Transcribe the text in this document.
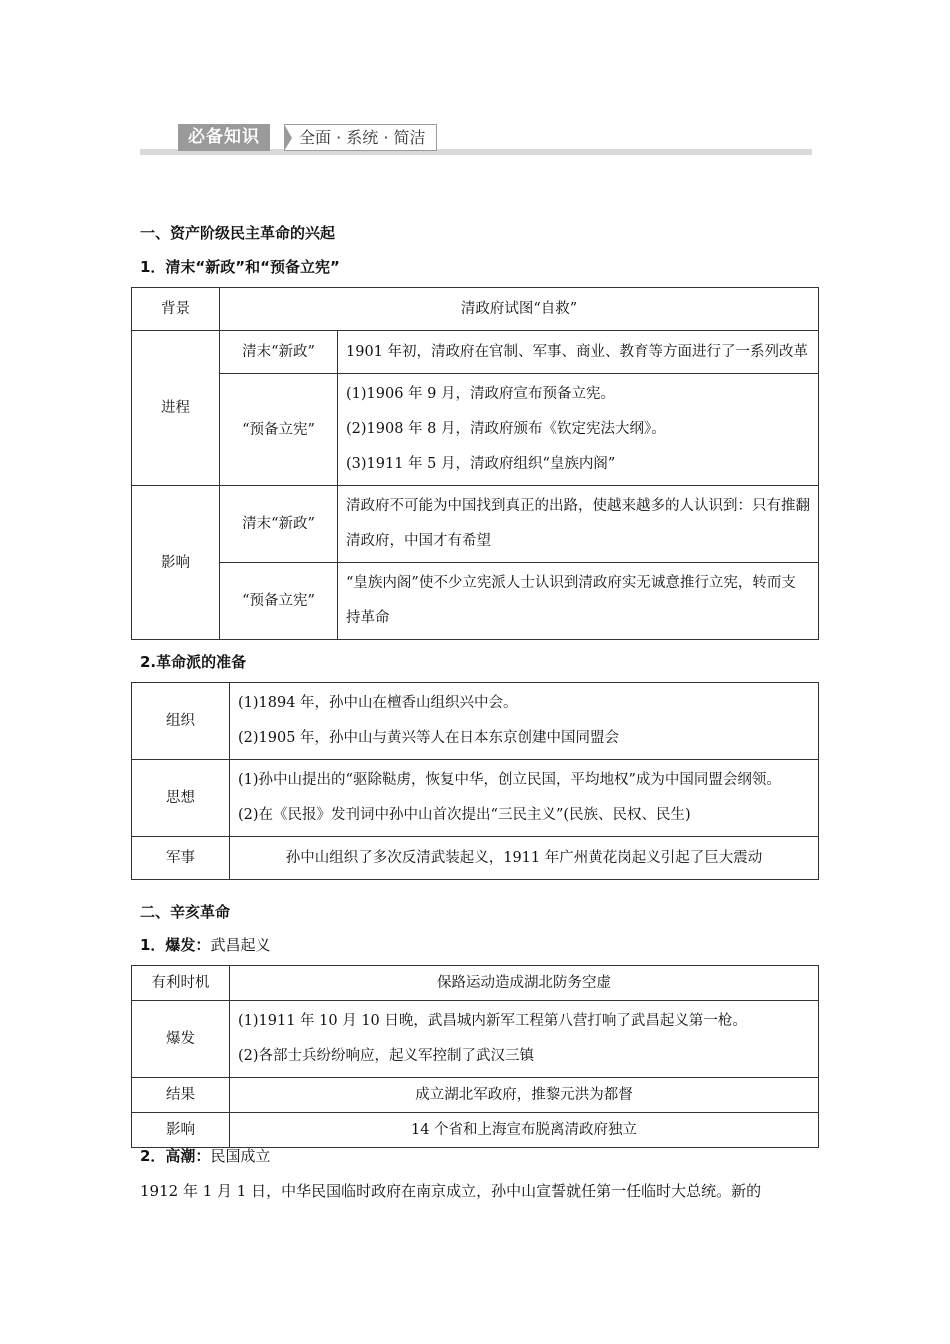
必备知识	全面 · 系统 · 简洁
一、资产阶级民主革命的兴起
1．清末“新政”和“预备立宪”
背景	清政府试图“自救”	
进程	清末“新政”	1901 年初，清政府在官制、军事、商业、教育等方面进行了一系列改革
	“预备立宪”	(1)1906 年 9 月，清政府宣布预备立宪。
(2)1908 年 8 月，清政府颁布《钦定宪法大纲》。
(3)1911 年 5 月，清政府组织“皇族内阁”

影响	清末“新政”	清政府不可能为中国找到真正的出路，使越来越多的人认识到：只有推翻清政府，中国才有希望
	“预备立宪”	“皇族内阁”使不少立宪派人士认识到清政府实无诚意推行立宪，转而支持革命
2.革命派的准备
组织	(1)1894 年，孙中山在檀香山组织兴中会。
(2)1905 年，孙中山与黄兴等人在日本东京创建中国同盟会

思想	(1)孙中山提出的“驱除鞑虏，恢复中华，创立民国，平均地权”成为中国同盟会纲领。
(2)在《民报》发刊词中孙中山首次提出“三民主义”(民族、民权、民生)

军事	孙中山组织了多次反清武装起义，1911 年广州黄花岗起义引起了巨大震动
二、辛亥革命
1．爆发：武昌起义
有利时机	保路运动造成湖北防务空虚
爆发	(1)1911 年 10 月 10 日晚，武昌城内新军工程第八营打响了武昌起义第一枪。
(2)各部士兵纷纷响应，起义军控制了武汉三镇

结果	成立湖北军政府，推黎元洪为都督
影响	14 个省和上海宣布脱离清政府独立
2．高潮：民国成立
1912 年 1 月 1 日，中华民国临时政府在南京成立，孙中山宣誓就任第一任临时大总统。新的
